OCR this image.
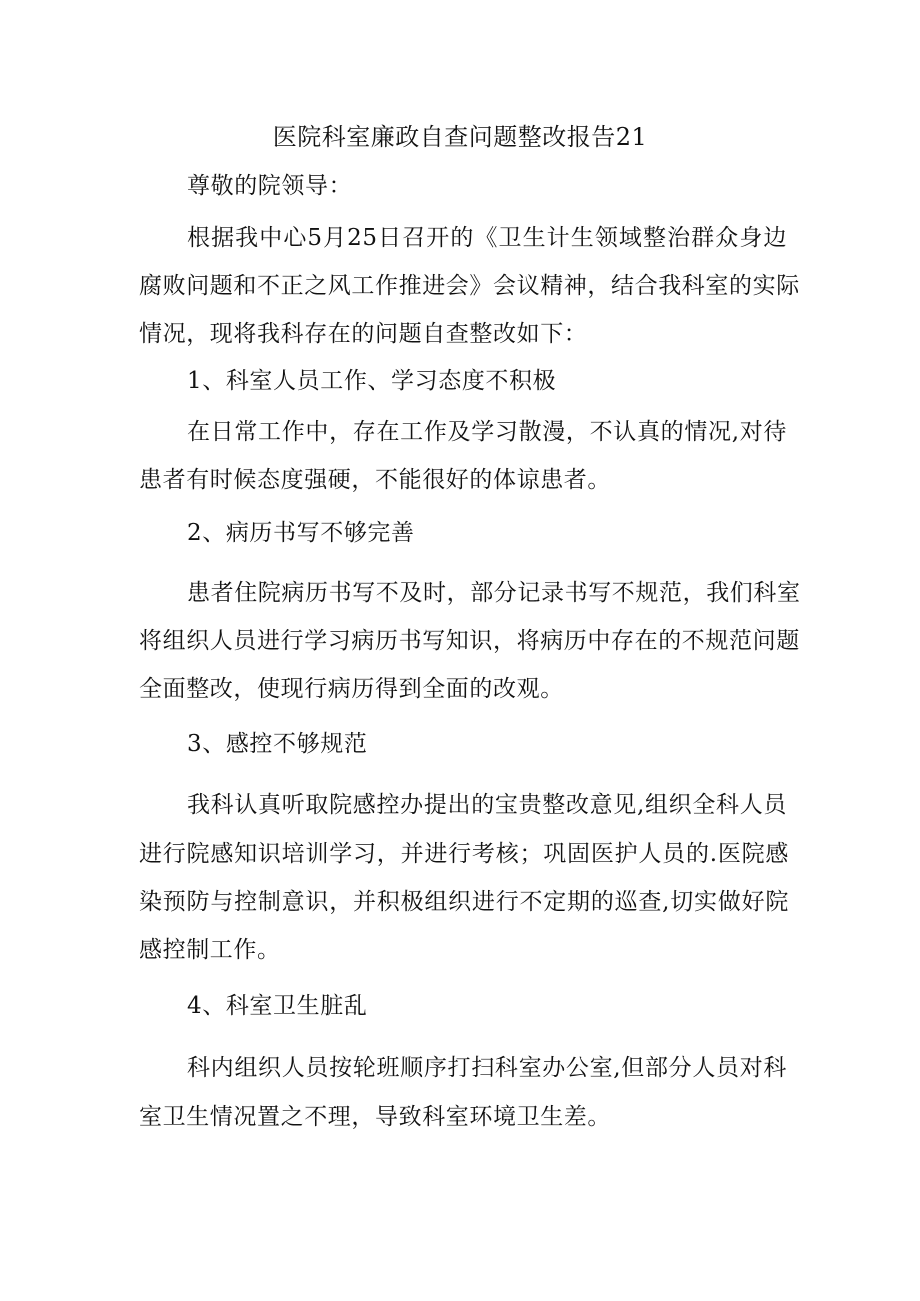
医院科室廉政自查问题整改报告21
尊敬的院领导：
根据我中心5月25日召开的《卫生计生领域整治群众身边
腐败问题和不正之风工作推进会》会议精神，结合我科室的实际
情况，现将我科存在的问题自查整改如下：
1、科室人员工作、学习态度不积极
在日常工作中，存在工作及学习散漫，不认真的情况,对待
患者有时候态度强硬，不能很好的体谅患者。
2、病历书写不够完善
患者住院病历书写不及时，部分记录书写不规范，我们科室
将组织人员进行学习病历书写知识，将病历中存在的不规范问题
全面整改，使现行病历得到全面的改观。
3、感控不够规范
我科认真听取院感控办提出的宝贵整改意见,组织全科人员
进行院感知识培训学习，并进行考核；巩固医护人员的.医院感
染预防与控制意识，并积极组织进行不定期的巡查,切实做好院
感控制工作。
4、科室卫生脏乱
科内组织人员按轮班顺序打扫科室办公室,但部分人员对科
室卫生情况置之不理，导致科室环境卫生差。
